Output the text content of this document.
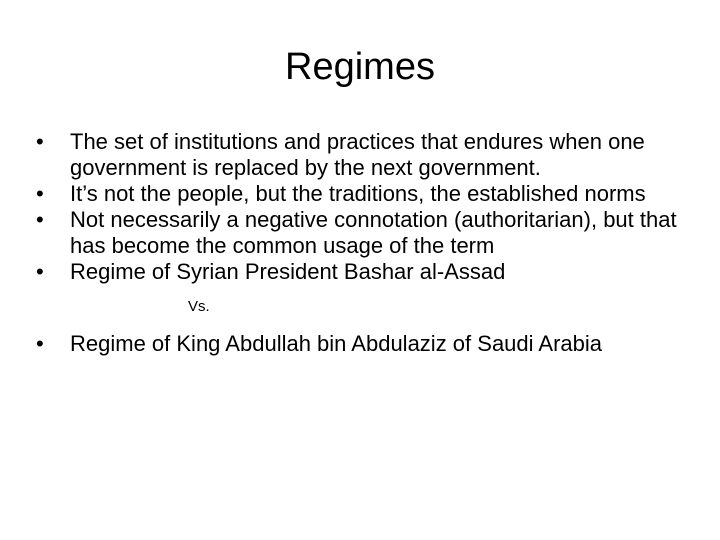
Regimes
•	The set of institutions and practices that endures when one government is replaced by the next government.
•	It’s not the people, but the traditions, the established norms
•	Not necessarily a negative connotation (authoritarian), but that has become the common usage of the term
•	Regime of Syrian President Bashar al-Assad
Vs.
•	Regime of King Abdullah bin Abdulaziz of Saudi Arabia
